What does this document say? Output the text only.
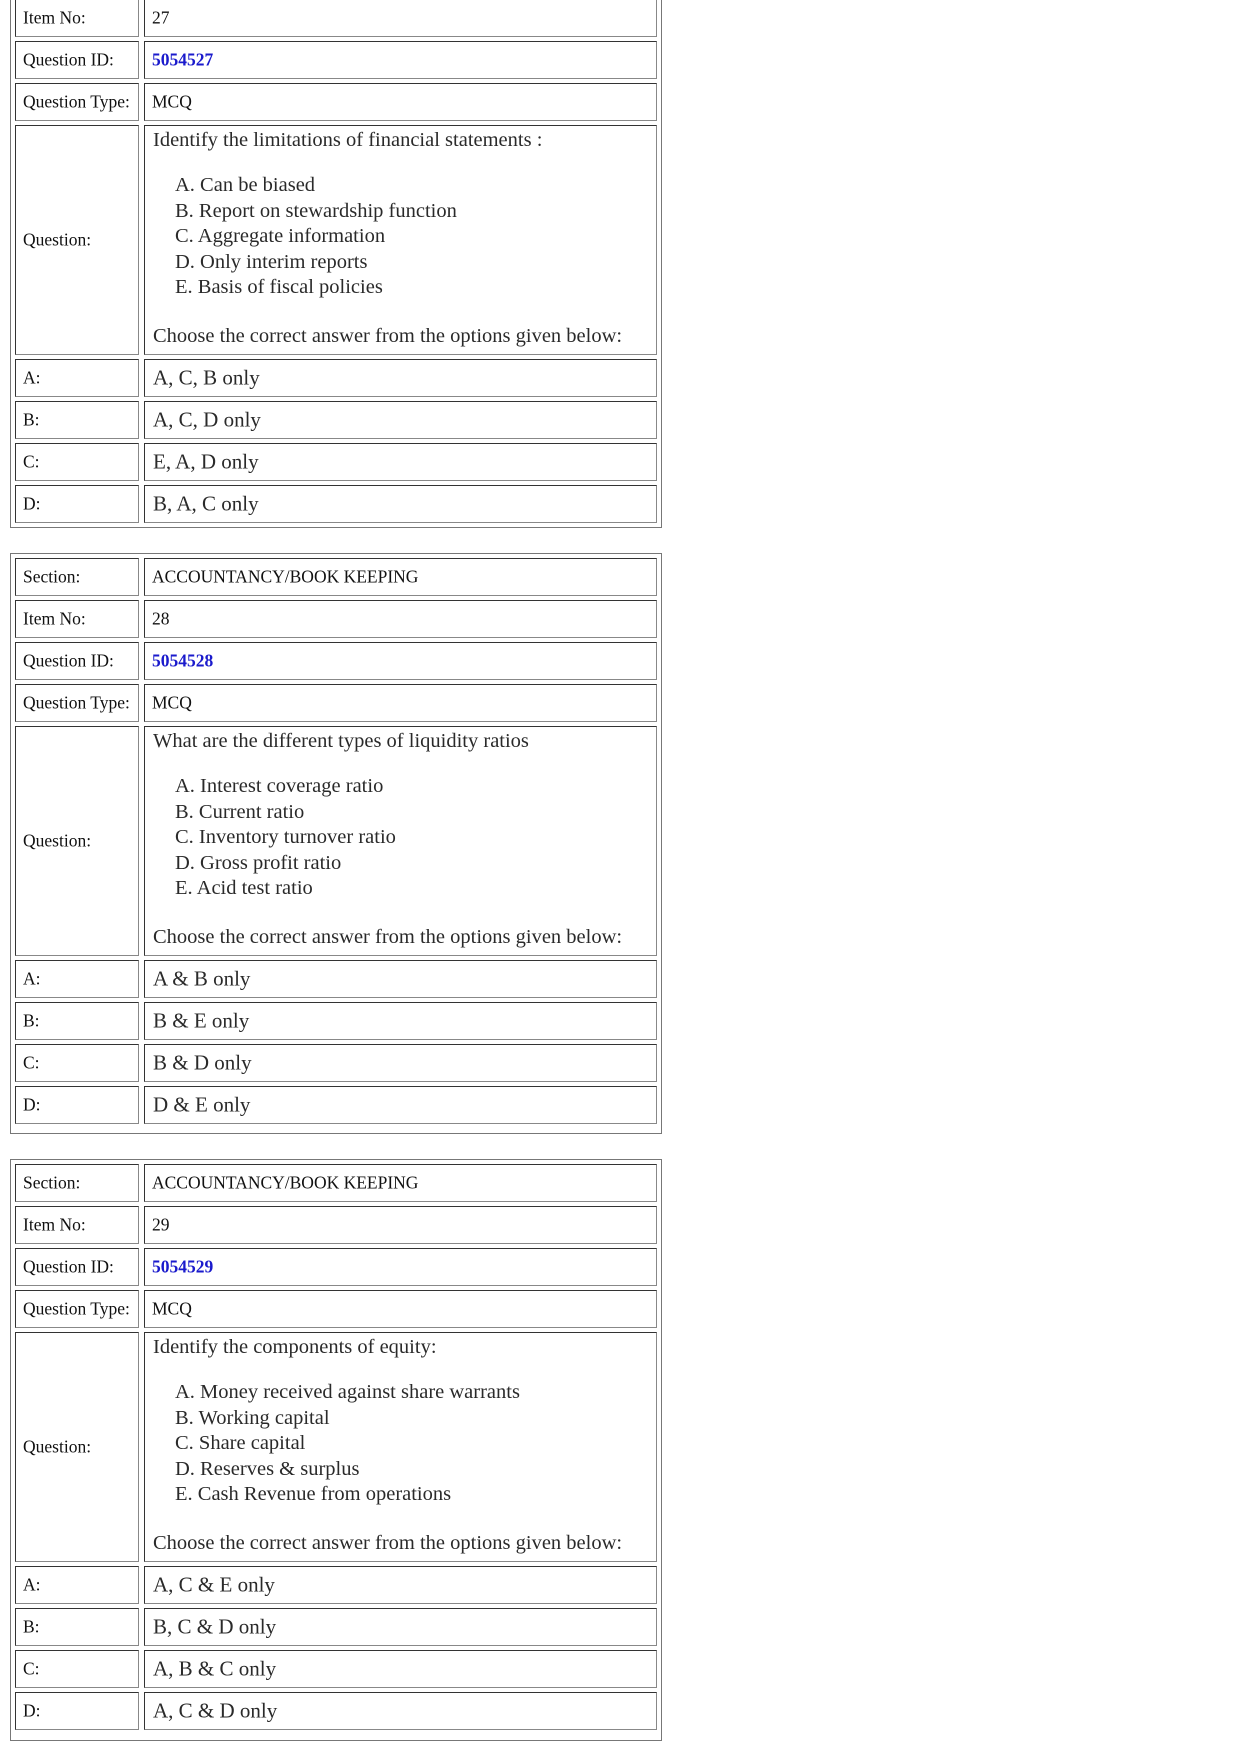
Item No:	27
Question ID: 5054527
Question Type: MCQ
Question:
Identify the limitations of financial statements :
A. Can be biased
B. Report on stewardship function
C. Aggregate information
D. Only interim reports
E. Basis of fiscal policies
Choose the correct answer from the options given below:
A:	A, C, B only
B:	A, C, D only
C:	E, A, D only
D:	B, A, C only
Section:	ACCOUNTANCY/BOOK KEEPING
Item No:	28
Question ID: 5054528
Question Type: MCQ
Question:
What are the different types of liquidity ratios
A. Interest coverage ratio
B. Current ratio
C. Inventory turnover ratio
D. Gross profit ratio
E. Acid test ratio
Choose the correct answer from the options given below:
A:	A & B only
B:	B & E only
C:	B & D only
D:	D & E only
Section:	ACCOUNTANCY/BOOK KEEPING
Item No:	29
Question ID: 5054529
Question Type: MCQ
Question:
Identify the components of equity:
A. Money received against share warrants
B. Working capital
C. Share capital
D. Reserves & surplus
E. Cash Revenue from operations
Choose the correct answer from the options given below:
A:	A, C & E only
B:	B, C & D only
C:	A, B & C only
D:	A, C & D only
